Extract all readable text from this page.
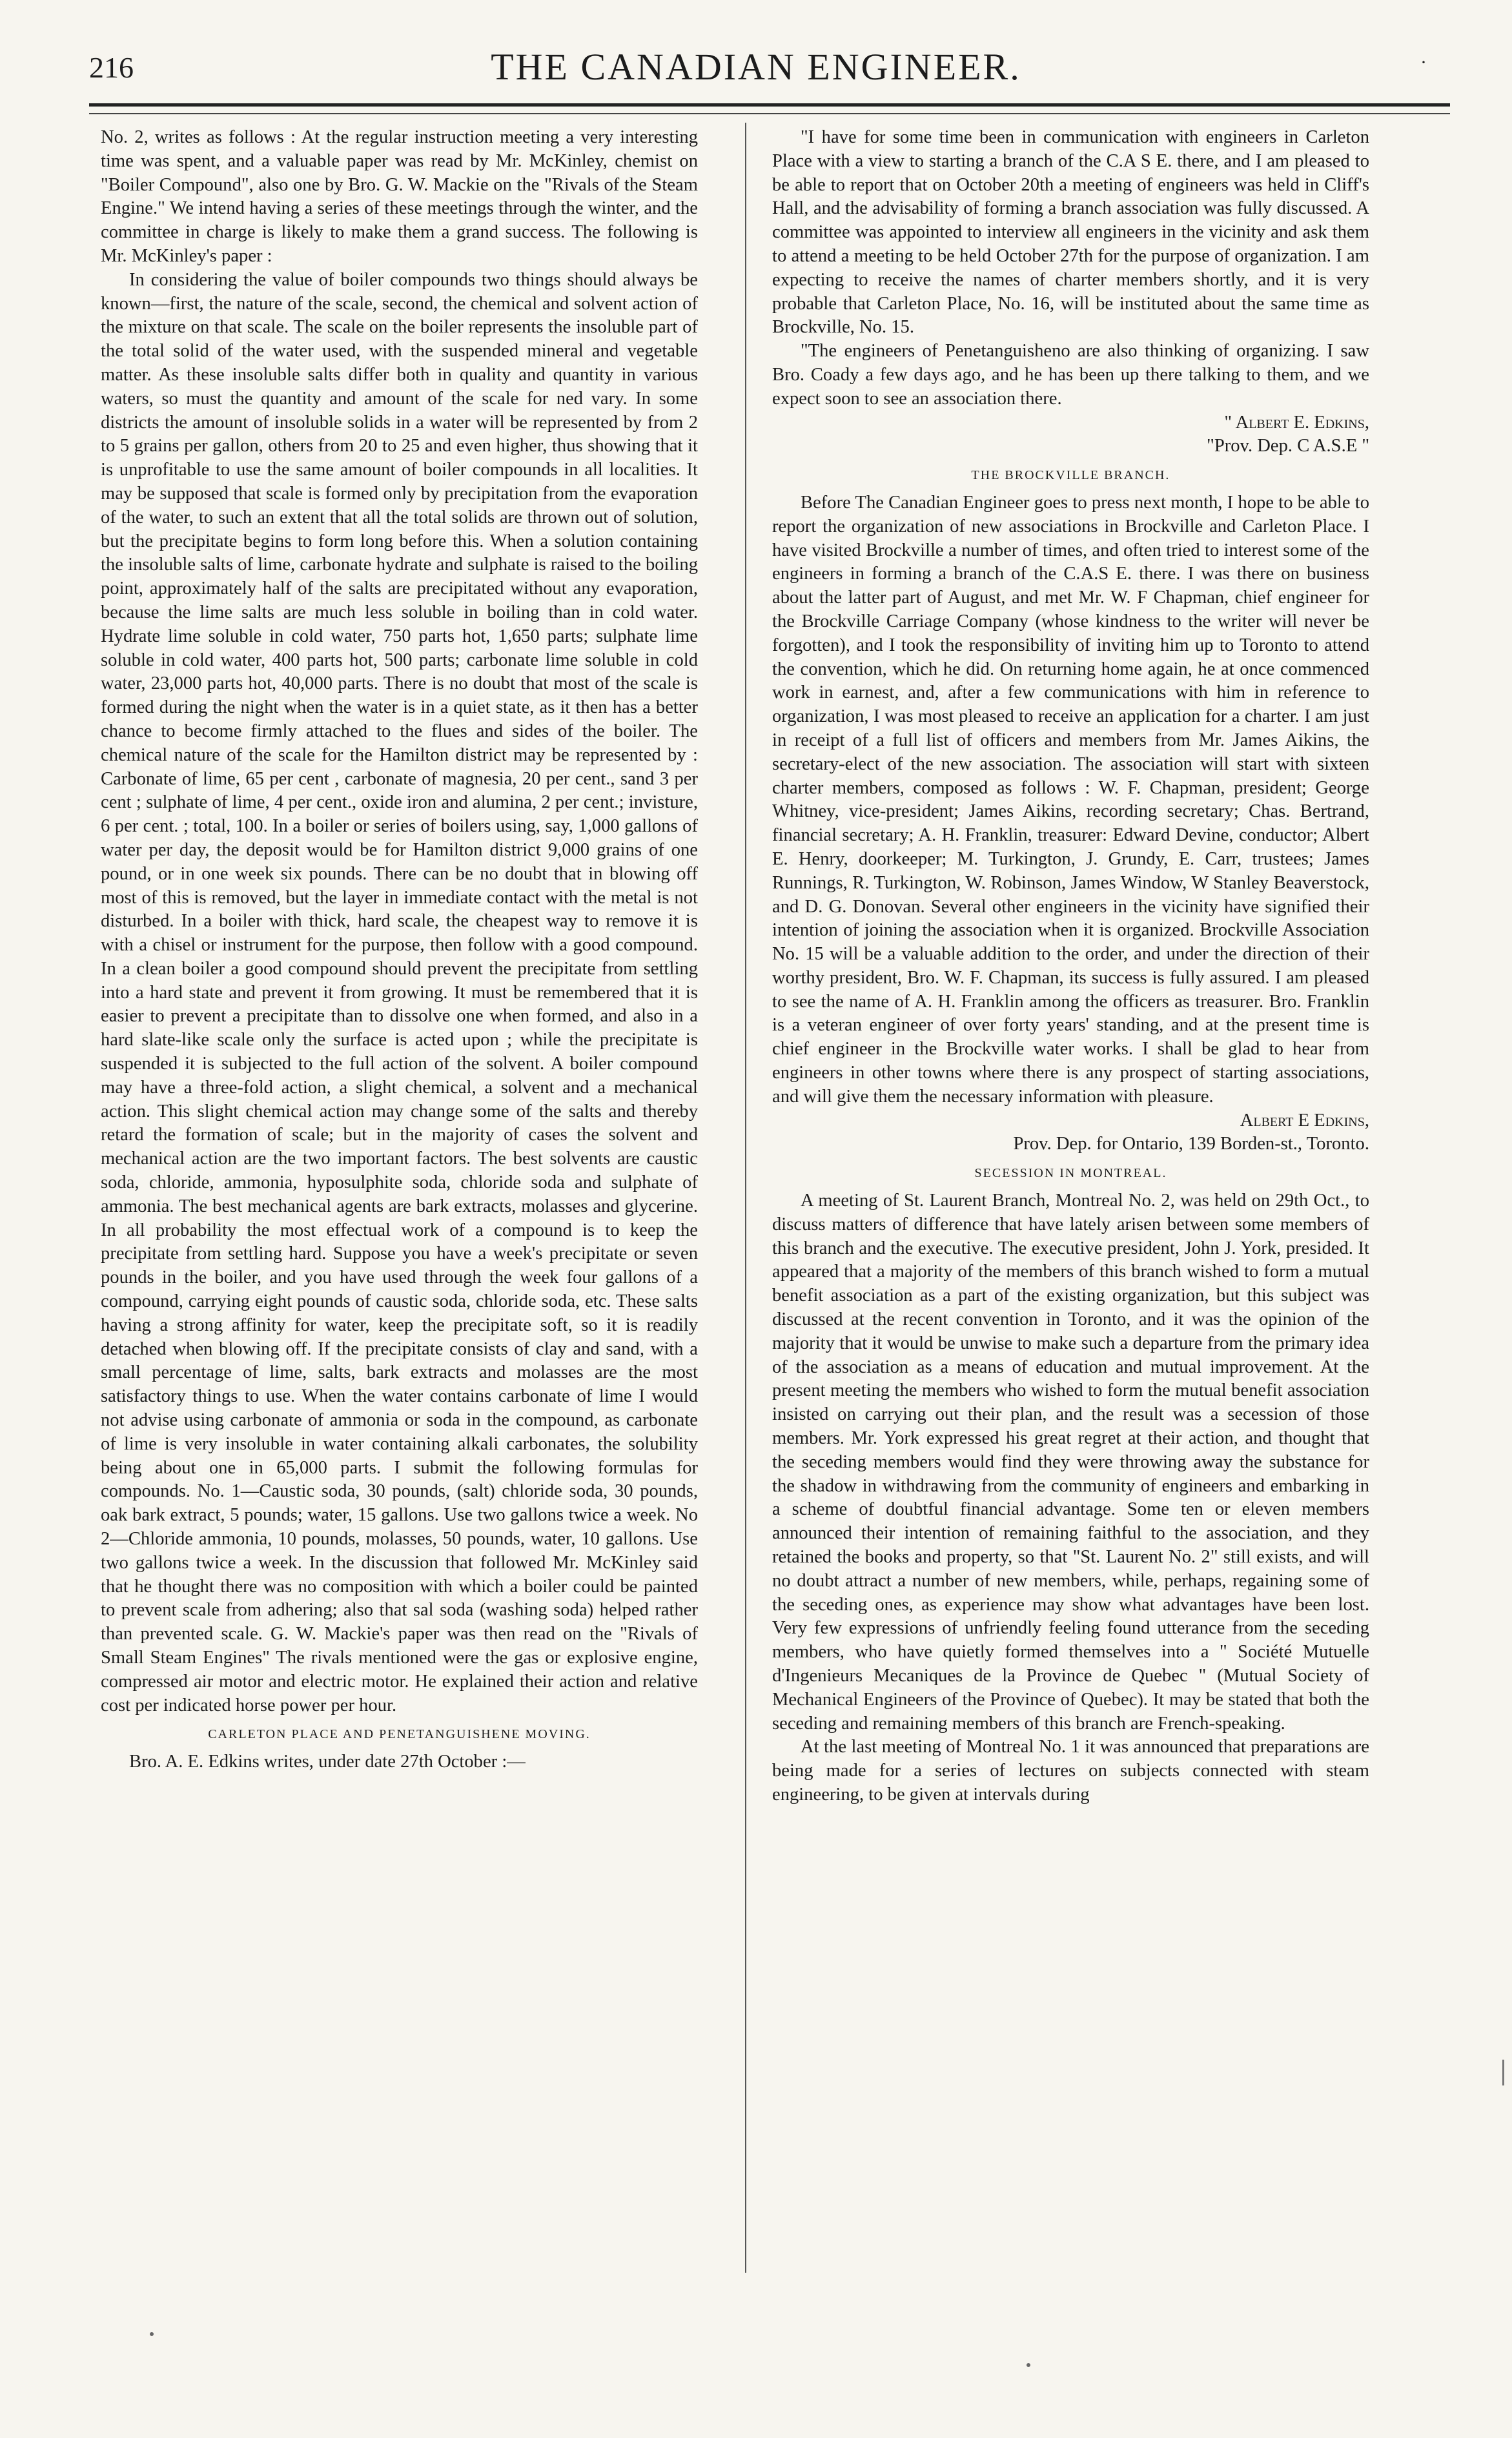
216	THE CANADIAN ENGINEER.	·

No. 2, writes as follows : At the regular instruction meeting a very interesting time was spent, and a valuable paper was read by Mr. McKinley, chemist on "Boiler Compound", also one by Bro. G. W. Mackie on the "Rivals of the Steam Engine." We intend having a series of these meetings through the winter, and the committee in charge is likely to make them a grand success. The following is Mr. McKinley's paper :

In considering the value of boiler compounds two things should always be known—first, the nature of the scale, second, the chemical and solvent action of the mixture on that scale. The scale on the boiler represents the insoluble part of the total solid of the water used, with the suspended mineral and vegetable matter. As these insoluble salts differ both in quality and quantity in various waters, so must the quantity and amount of the scale for ned vary. In some districts the amount of insoluble solids in a water will be represented by from 2 to 5 grains per gallon, others from 20 to 25 and even higher, thus showing that it is unprofitable to use the same amount of boiler compounds in all localities. It may be supposed that scale is formed only by precipitation from the evaporation of the water, to such an extent that all the total solids are thrown out of solution, but the precipitate begins to form long before this. When a solution containing the insoluble salts of lime, carbonate hydrate and sulphate is raised to the boiling point, approximately half of the salts are precipitated without any evaporation, because the lime salts are much less soluble in boiling than in cold water. Hydrate lime soluble in cold water, 750 parts hot, 1,650 parts; sulphate lime soluble in cold water, 400 parts hot, 500 parts; carbonate lime soluble in cold water, 23,000 parts hot, 40,000 parts. There is no doubt that most of the scale is formed during the night when the water is in a quiet state, as it then has a better chance to become firmly attached to the flues and sides of the boiler. The chemical nature of the scale for the Hamilton district may be represented by : Carbonate of lime, 65 per cent , carbonate of magnesia, 20 per cent., sand 3 per cent ; sulphate of lime, 4 per cent., oxide iron and alumina, 2 per cent.; invisture, 6 per cent. ; total, 100. In a boiler or series of boilers using, say, 1,000 gallons of water per day, the deposit would be for Hamilton district 9,000 grains of one pound, or in one week six pounds. There can be no doubt that in blowing off most of this is removed, but the layer in immediate contact with the metal is not disturbed. In a boiler with thick, hard scale, the cheapest way to remove it is with a chisel or instrument for the purpose, then follow with a good compound. In a clean boiler a good compound should prevent the precipitate from settling into a hard state and prevent it from growing. It must be remembered that it is easier to prevent a precipitate than to dissolve one when formed, and also in a hard slate-like scale only the surface is acted upon ; while the precipitate is suspended it is subjected to the full action of the solvent. A boiler compound may have a three-fold action, a slight chemical, a solvent and a mechanical action. This slight chemical action may change some of the salts and thereby retard the formation of scale; but in the majority of cases the solvent and mechanical action are the two important factors. The best solvents are caustic soda, chloride, ammonia, hyposulphite soda, chloride soda and sulphate of ammonia. The best mechanical agents are bark extracts, molasses and glycerine. In all probability the most effectual work of a compound is to keep the precipitate from settling hard. Suppose you have a week's precipitate or seven pounds in the boiler, and you have used through the week four gallons of a compound, carrying eight pounds of caustic soda, chloride soda, etc. These salts having a strong affinity for water, keep the precipitate soft, so it is readily detached when blowing off. If the precipitate consists of clay and sand, with a small percentage of lime, salts, bark extracts and molasses are the most satisfactory things to use. When the water contains carbonate of lime I would not advise using carbonate of ammonia or soda in the compound, as carbonate of lime is very insoluble in water containing alkali carbonates, the solubility being about one in 65,000 parts. I submit the following formulas for compounds. No. 1—Caustic soda, 30 pounds, (salt) chloride soda, 30 pounds, oak bark extract, 5 pounds; water, 15 gallons. Use two gallons twice a week. No 2—Chloride ammonia, 10 pounds, molasses, 50 pounds, water, 10 gallons. Use two gallons twice a week. In the discussion that followed Mr. McKinley said that he thought there was no composition with which a boiler could be painted to prevent scale from adhering; also that sal soda (washing soda) helped rather than prevented scale. G. W. Mackie's paper was then read on the "Rivals of Small Steam Engines" The rivals mentioned were the gas or explosive engine, compressed air motor and electric motor. He explained their action and relative cost per indicated horse power per hour.

CARLETON PLACE AND PENETANGUISHENE MOVING.

Bro. A. E. Edkins writes, under date 27th October :—

"I have for some time been in communication with engineers in Carleton Place with a view to starting a branch of the C.A S E. there, and I am pleased to be able to report that on October 20th a meeting of engineers was held in Cliff's Hall, and the advisability of forming a branch association was fully discussed. A committee was appointed to interview all engineers in the vicinity and ask them to attend a meeting to be held October 27th for the purpose of organization. I am expecting to receive the names of charter members shortly, and it is very probable that Carleton Place, No. 16, will be instituted about the same time as Brockville, No. 15.

"The engineers of Penetanguisheno are also thinking of organizing. I saw Bro. Coady a few days ago, and he has been up there talking to them, and we expect soon to see an association there.

" Albert E. Edkins,
"Prov. Dep. C A.S.E "
THE BROCKVILLE BRANCH.

Before The Canadian Engineer goes to press next month, I hope to be able to report the organization of new associations in Brockville and Carleton Place. I have visited Brockville a number of times, and often tried to interest some of the engineers in forming a branch of the C.A.S E. there. I was there on business about the latter part of August, and met Mr. W. F Chapman, chief engineer for the Brockville Carriage Company (whose kindness to the writer will never be forgotten), and I took the responsibility of inviting him up to Toronto to attend the convention, which he did. On returning home again, he at once commenced work in earnest, and, after a few communications with him in reference to organization, I was most pleased to receive an application for a charter. I am just in receipt of a full list of officers and members from Mr. James Aikins, the secretary-elect of the new association. The association will start with sixteen charter members, composed as follows : W. F. Chapman, president; George Whitney, vice-president; James Aikins, recording secretary; Chas. Bertrand, financial secretary; A. H. Franklin, treasurer: Edward Devine, conductor; Albert E. Henry, doorkeeper; M. Turkington, J. Grundy, E. Carr, trustees; James Runnings, R. Turkington, W. Robinson, James Window, W Stanley Beaverstock, and D. G. Donovan. Several other engineers in the vicinity have signified their intention of joining the association when it is organized. Brockville Association No. 15 will be a valuable addition to the order, and under the direction of their worthy president, Bro. W. F. Chapman, its success is fully assured. I am pleased to see the name of A. H. Franklin among the officers as treasurer. Bro. Franklin is a veteran engineer of over forty years' standing, and at the present time is chief engineer in the Brockville water works. I shall be glad to hear from engineers in other towns where there is any prospect of starting associations, and will give them the necessary information with pleasure.

Albert E Edkins,
Prov. Dep. for Ontario, 139 Borden-st., Toronto.
SECESSION IN MONTREAL.

A meeting of St. Laurent Branch, Montreal No. 2, was held on 29th Oct., to discuss matters of difference that have lately arisen between some members of this branch and the executive. The executive president, John J. York, presided. It appeared that a majority of the members of this branch wished to form a mutual benefit association as a part of the existing organization, but this subject was discussed at the recent convention in Toronto, and it was the opinion of the majority that it would be unwise to make such a departure from the primary idea of the association as a means of education and mutual improvement. At the present meeting the members who wished to form the mutual benefit association insisted on carrying out their plan, and the result was a secession of those members. Mr. York expressed his great regret at their action, and thought that the seceding members would find they were throwing away the substance for the shadow in withdrawing from the community of engineers and embarking in a scheme of doubtful financial advantage. Some ten or eleven members announced their intention of remaining faithful to the association, and they retained the books and property, so that "St. Laurent No. 2" still exists, and will no doubt attract a number of new members, while, perhaps, regaining some of the seceding ones, as experience may show what advantages have been lost. Very few expressions of unfriendly feeling found utterance from the seceding members, who have quietly formed themselves into a " Société Mutuelle d'Ingenieurs Mecaniques de la Province de Quebec " (Mutual Society of Mechanical Engineers of the Province of Quebec). It may be stated that both the seceding and remaining members of this branch are French-speaking.

At the last meeting of Montreal No. 1 it was announced that preparations are being made for a series of lectures on subjects connected with steam engineering, to be given at intervals during
